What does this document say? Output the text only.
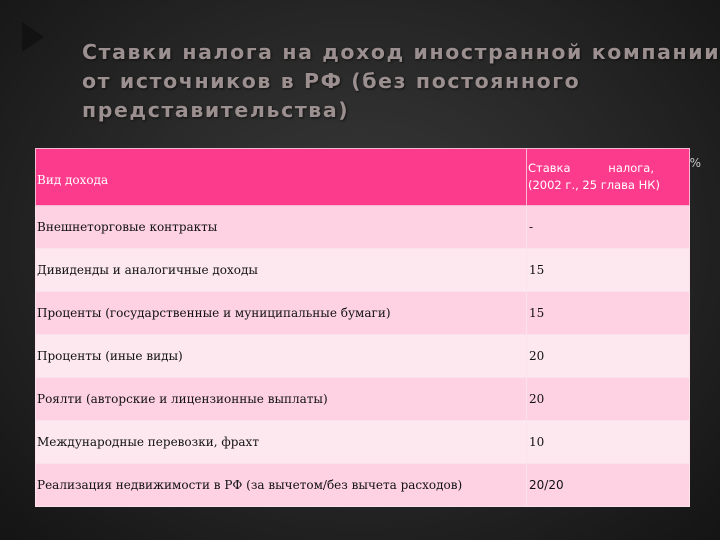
Ставки налога на доход иностранной компании
от источников в РФ (без постоянного
представительства)
Вид дохода	Ставка налога,
(2002 г., 25 глава НК)
%

Внешнеторговые контракты	-
Дивиденды и аналогичные доходы	15
Проценты (государственные и муниципальные бумаги)	15
Проценты (иные виды)	20
Роялти (авторские и лицензионные выплаты)	20
Международные перевозки, фрахт	10
Реализация недвижимости в РФ (за вычетом/без вычета расходов)	20/20
